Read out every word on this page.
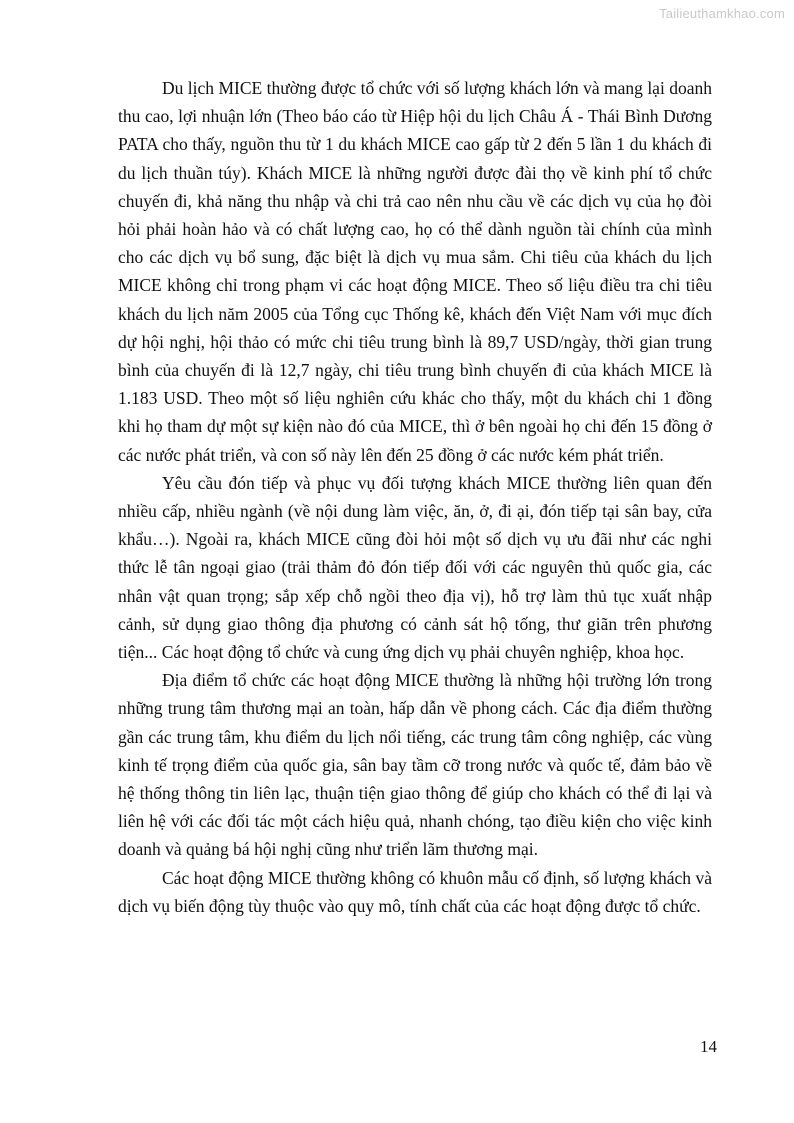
Tailieuthamkhao.com

Du lịch MICE thường được tổ chức với số lượng khách lớn và mang lại doanh thu cao, lợi nhuận lớn (Theo báo cáo từ Hiệp hội du lịch Châu Á - Thái Bình Dương PATA cho thấy, nguồn thu từ 1 du khách MICE cao gấp từ 2 đến 5 lần 1 du khách đi du lịch thuần túy). Khách MICE là những người được đài thọ về kinh phí tổ chức chuyến đi, khả năng thu nhập và chi trả cao nên nhu cầu về các dịch vụ của họ đòi hỏi phải hoàn hảo và có chất lượng cao, họ có thể dành nguồn tài chính của mình cho các dịch vụ bổ sung, đặc biệt là dịch vụ mua sắm. Chi tiêu của khách du lịch MICE không chỉ trong phạm vi các hoạt động MICE. Theo số liệu điều tra chi tiêu khách du lịch năm 2005 của Tổng cục Thống kê, khách đến Việt Nam với mục đích dự hội nghị, hội thảo có mức chi tiêu trung bình là 89,7 USD/ngày, thời gian trung bình của chuyến đi là 12,7 ngày, chi tiêu trung bình chuyến đi của khách MICE là 1.183 USD. Theo một số liệu nghiên cứu khác cho thấy, một du khách chi 1 đồng khi họ tham dự một sự kiện nào đó của MICE, thì ở bên ngoài họ chi đến 15 đồng ở các nước phát triển, và con số này lên đến 25 đồng ở các nước kém phát triển.

Yêu cầu đón tiếp và phục vụ đối tượng khách MICE thường liên quan đến nhiều cấp, nhiều ngành (về nội dung làm việc, ăn, ở, đi ại, đón tiếp tại sân bay, cửa khẩu…). Ngoài ra, khách MICE cũng đòi hỏi một số dịch vụ ưu đãi như các nghi thức lễ tân ngoại giao (trải thảm đỏ đón tiếp đối với các nguyên thủ quốc gia, các nhân vật quan trọng; sắp xếp chỗ ngồi theo địa vị), hỗ trợ làm thủ tục xuất nhập cảnh, sử dụng giao thông địa phương có cảnh sát hộ tống, thư giãn trên phương tiện... Các hoạt động tổ chức và cung ứng dịch vụ phải chuyên nghiệp, khoa học.

Địa điểm tổ chức các hoạt động MICE thường là những hội trường lớn trong những trung tâm thương mại an toàn, hấp dẫn về phong cách. Các địa điểm thường gần các trung tâm, khu điểm du lịch nổi tiếng, các trung tâm công nghiệp, các vùng kinh tế trọng điểm của quốc gia, sân bay tầm cỡ trong nước và quốc tế, đảm bảo về hệ thống thông tin liên lạc, thuận tiện giao thông để giúp cho khách có thể đi lại và liên hệ với các đối tác một cách hiệu quả, nhanh chóng, tạo điều kiện cho việc kinh doanh và quảng bá hội nghị cũng như triển lãm thương mại.

Các hoạt động MICE thường không có khuôn mẫu cố định, số lượng khách và dịch vụ biến động tùy thuộc vào quy mô, tính chất của các hoạt động được tổ chức.

14
